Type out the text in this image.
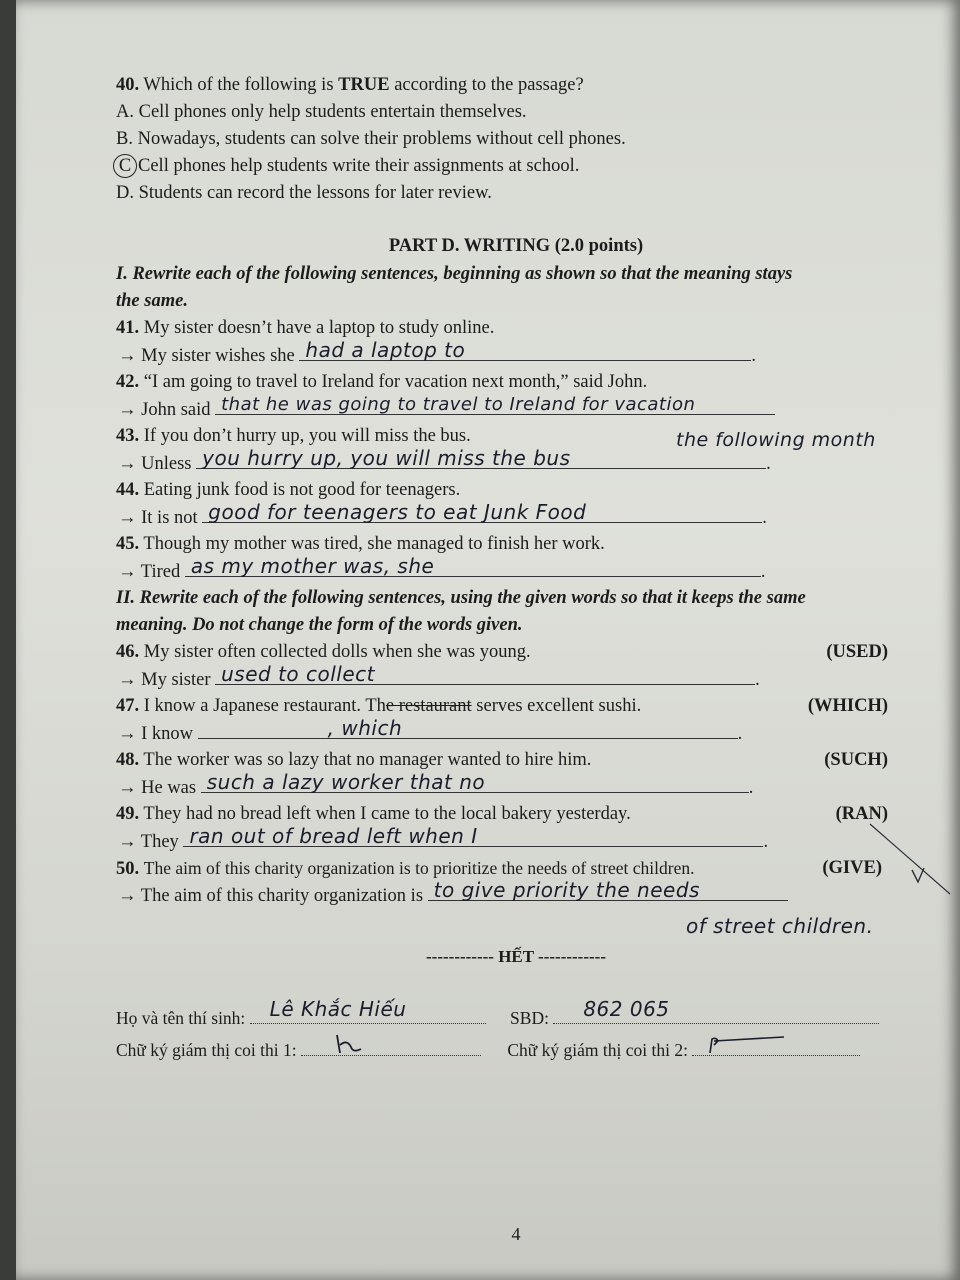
40. Which of the following is TRUE according to the passage?
A. Cell phones only help students entertain themselves.
B. Nowadays, students can solve their problems without cell phones.
C Cell phones help students write their assignments at school.
D. Students can record the lessons for later review.
PART D. WRITING (2.0 points)
I. Rewrite each of the following sentences, beginning as shown so that the meaning stays
the same.
41. My sister doesn’t have a laptop to study online.
→ My sister wishes she had a laptop to	.
42. “I am going to travel to Ireland for vacation next month,” said John.
→ John said that he was going to travel to Ireland for vacation
43. If you don’t hurry up, you will miss the bus.	the following month
→ Unless you hurry up, you will miss the bus	.
44. Eating junk food is not good for teenagers.
→ It is not good for teenagers to eat Junk Food	.
45. Though my mother was tired, she managed to finish her work.
→ Tired as my mother was, she	.
II. Rewrite each of the following sentences, using the given words so that it keeps the same
meaning. Do not change the form of the words given.
46. My sister often collected dolls when she was young.	(USED)
→ My sister used to collect	.
47. I know a Japanese restaurant. The restaurant serves excellent sushi.	(WHICH)
→ I know	, which	.
48. The worker was so lazy that no manager wanted to hire him.	(SUCH)
→ He was such a lazy worker that no	.
49. They had no bread left when I came to the local bakery yesterday.	(RAN)
→ They ran out of bread left when I	.
50. The aim of this charity organization is to prioritize the needs of street children.	(GIVE)
→ The aim of this charity organization is to give priority the needs
of street children.
------------ HẾT ------------
Họ và tên thí sinh: Lê Khắc Hiếu	SBD: 862 065
Chữ ký giám thị coi thi 1:	Chữ ký giám thị coi thi 2:
4
